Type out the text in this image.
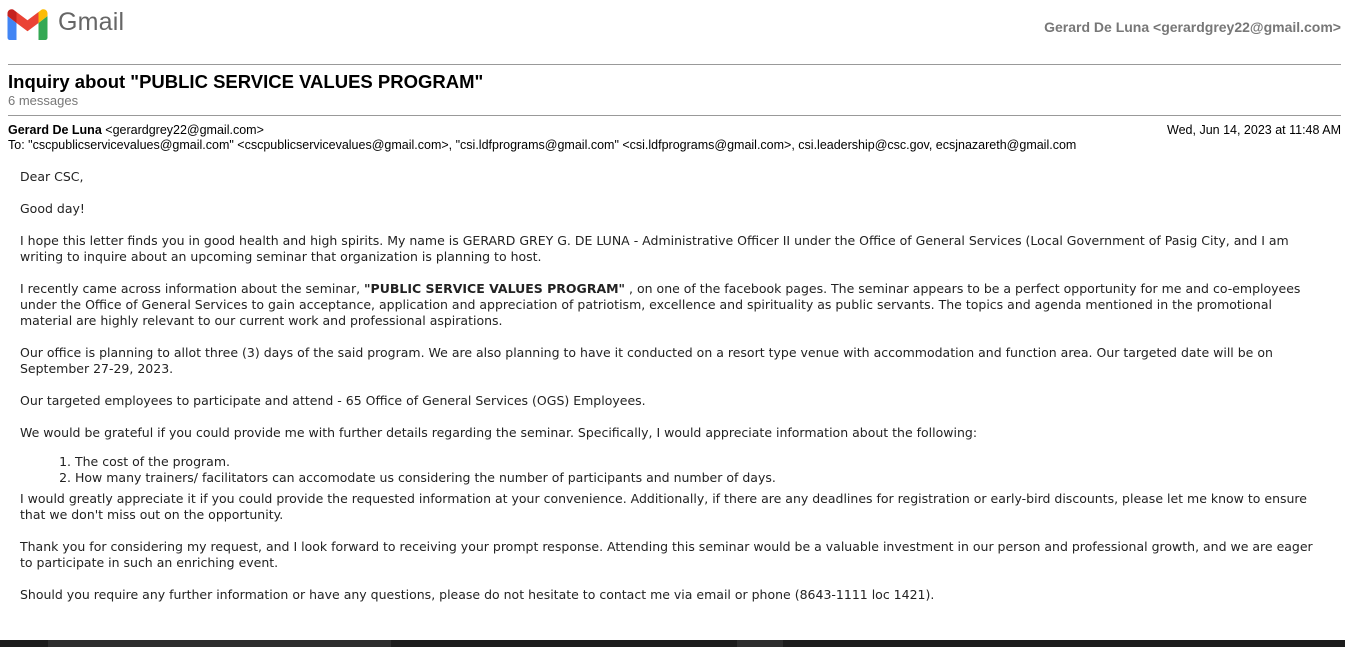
Gmail	Gerard De Luna <gerardgrey22@gmail.com>
Inquiry about "PUBLIC SERVICE VALUES PROGRAM"
6 messages
Gerard De Luna <gerardgrey22@gmail.com>	Wed, Jun 14, 2023 at 11:48 AM
To: "cscpublicservicevalues@gmail.com" <cscpublicservicevalues@gmail.com>, "csi.ldfprograms@gmail.com" <csi.ldfprograms@gmail.com>, csi.leadership@csc.gov, ecsjnazareth@gmail.com

Dear CSC,

Good day!

I hope this letter finds you in good health and high spirits. My name is GERARD GREY G. DE LUNA - Administrative Officer II under the Office of General Services (Local Government of Pasig City, and I am writing to inquire about an upcoming seminar that organization is planning to host.

I recently came across information about the seminar, "PUBLIC SERVICE VALUES PROGRAM" , on one of the facebook pages. The seminar appears to be a perfect opportunity for me and co-employees under the Office of General Services to gain acceptance, application and appreciation of patriotism, excellence and spirituality as public servants. The topics and agenda mentioned in the promotional material are highly relevant to our current work and professional aspirations.

Our office is planning to allot three (3) days of the said program. We are also planning to have it conducted on a resort type venue with accommodation and function area. Our targeted date will be on September 27-29, 2023.

Our targeted employees to participate and attend - 65 Office of General Services (OGS) Employees.

We would be grateful if you could provide me with further details regarding the seminar. Specifically, I would appreciate information about the following:

1. The cost of the program.
2. How many trainers/ facilitators can accomodate us considering the number of participants and number of days.

I would greatly appreciate it if you could provide the requested information at your convenience. Additionally, if there are any deadlines for registration or early-bird discounts, please let me know to ensure that we don't miss out on the opportunity.

Thank you for considering my request, and I look forward to receiving your prompt response. Attending this seminar would be a valuable investment in our person and professional growth, and we are eager to participate in such an enriching event.

Should you require any further information or have any questions, please do not hesitate to contact me via email or phone (8643-1111 loc 1421).
